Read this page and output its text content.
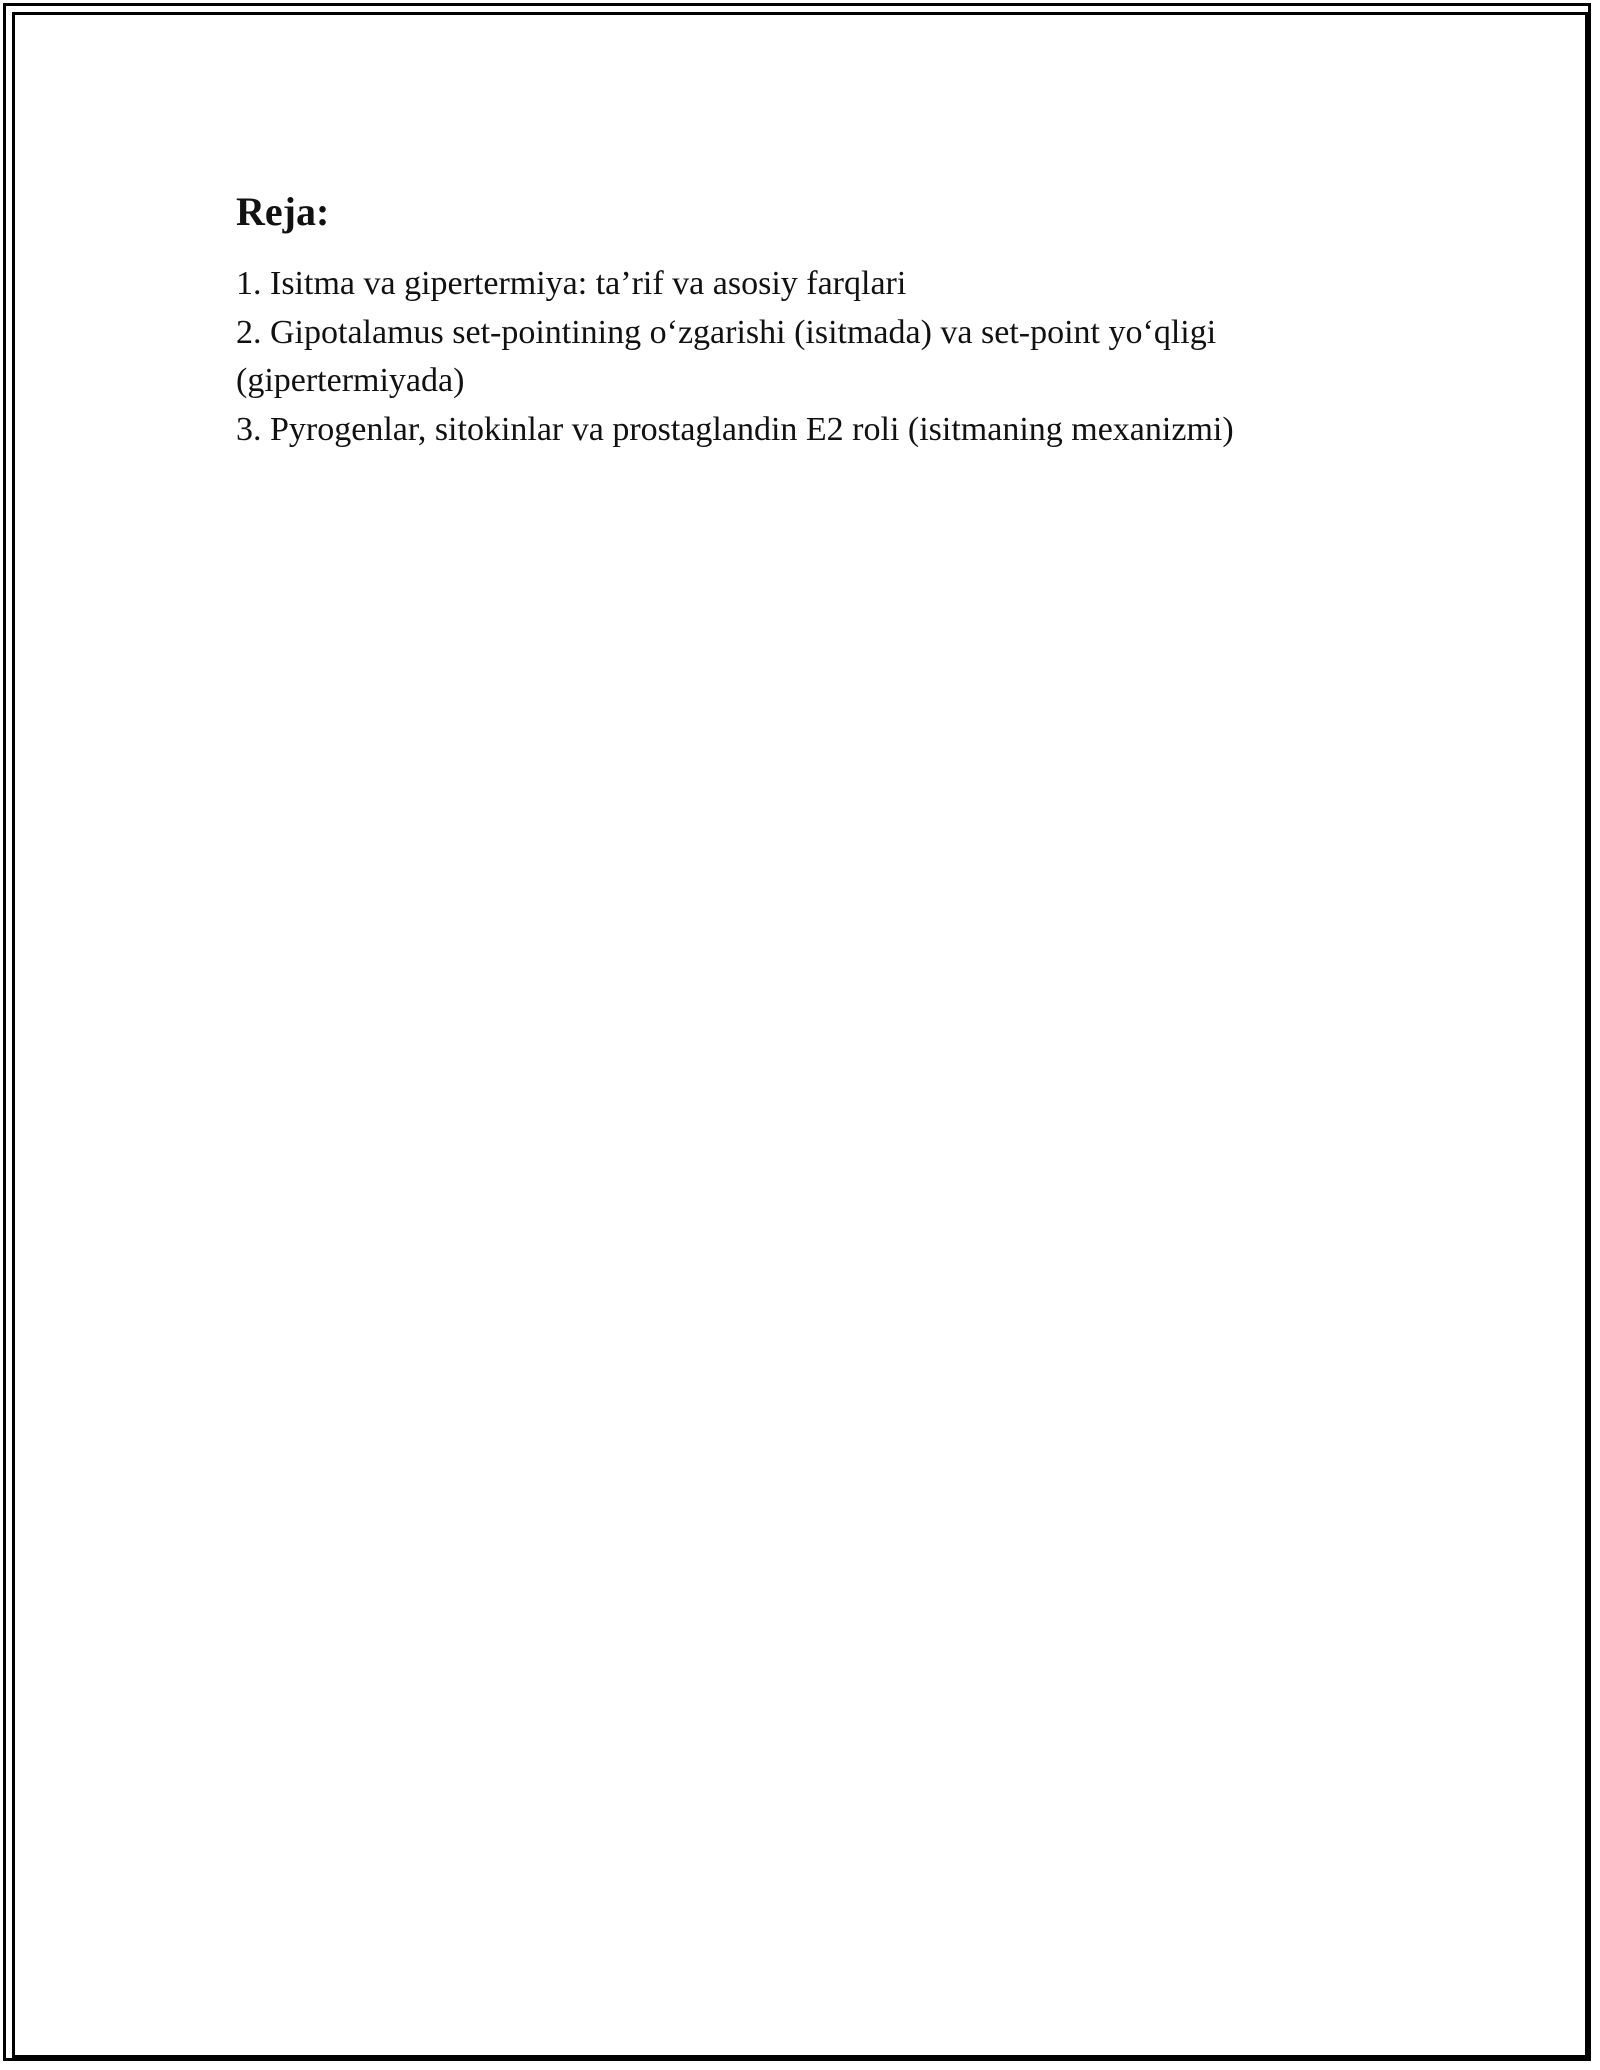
Reja:
1. Isitma va gipertermiya: ta’rif va asosiy farqlari
2. Gipotalamus set-pointining o‘zgarishi (isitmada) va set-point yo‘qligi (gipertermiyada)
3. Pyrogenlar, sitokinlar va prostaglandin E2 roli (isitmaning mexanizmi)
